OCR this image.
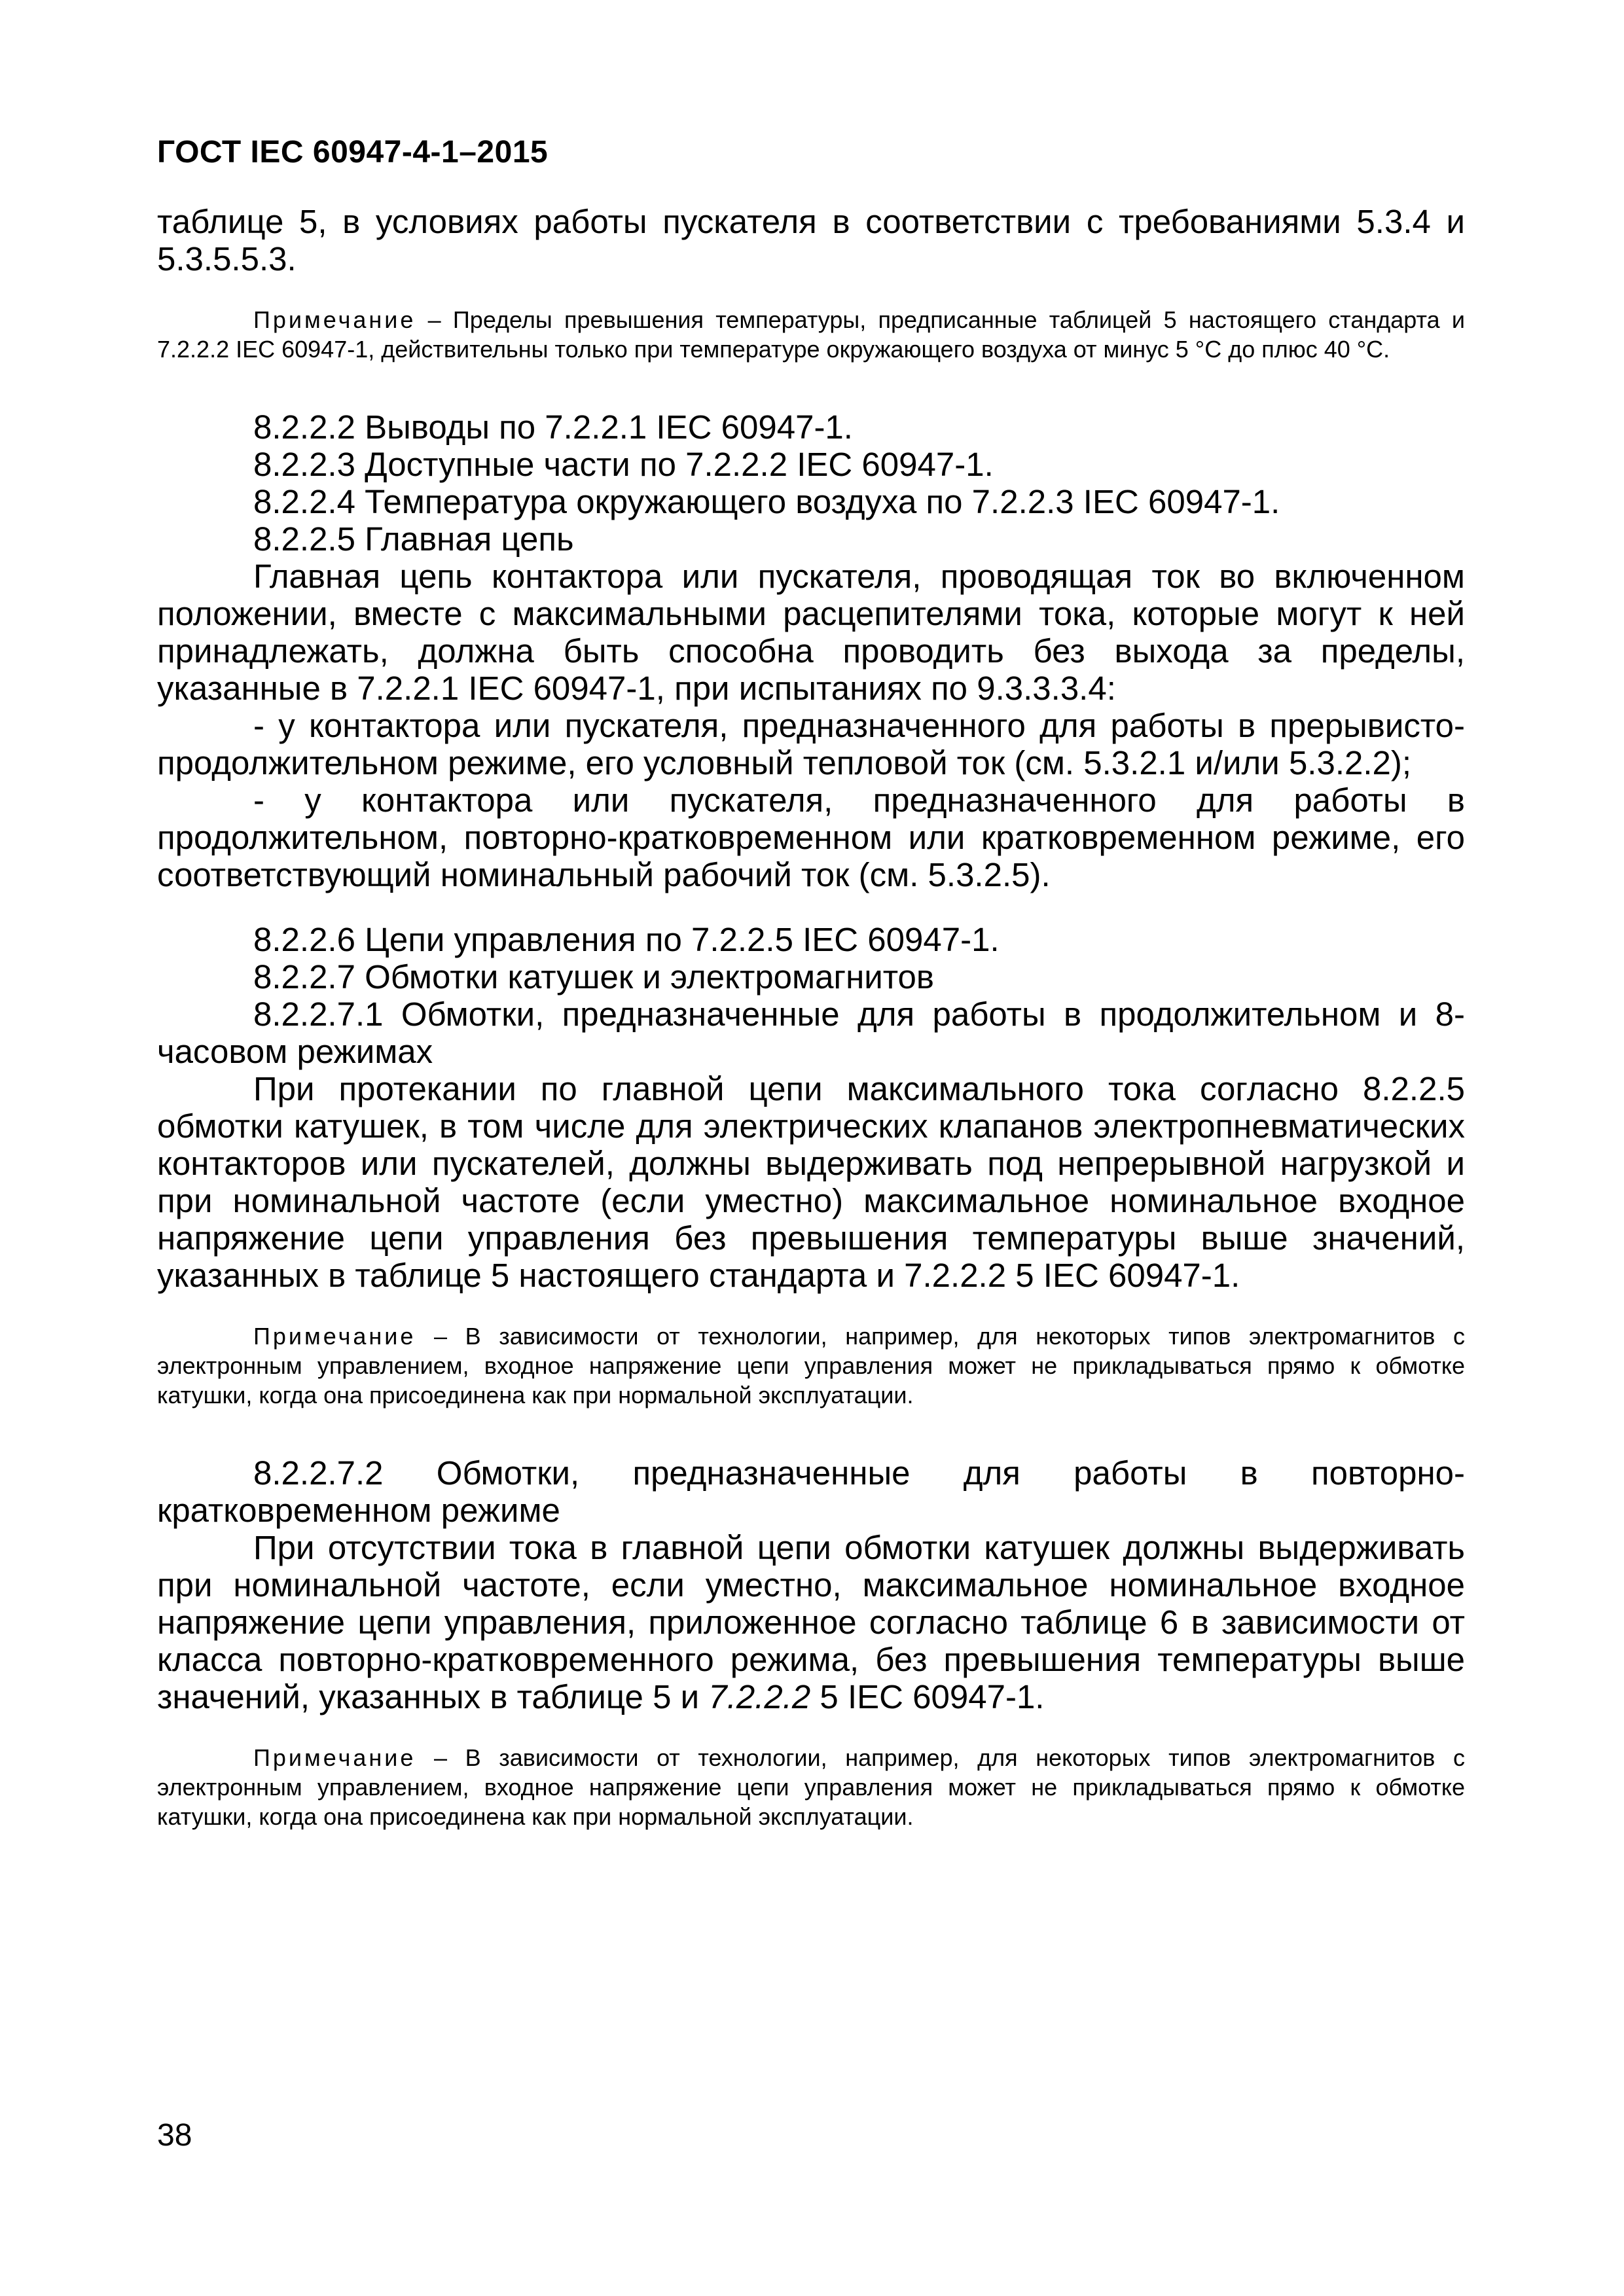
ГОСТ IEC 60947-4-1–2015

таблице 5, в условиях работы пускателя в соответствии с требованиями 5.3.4 и 5.3.5.5.3.

Примечание – Пределы превышения температуры, предписанные таблицей 5 настоящего стандарта и 7.2.2.2 IEC 60947-1, действительны только при температуре окружающего воздуха от минус 5 °С до плюс 40 °С.

8.2.2.2 Выводы по 7.2.2.1 IEC 60947-1.

8.2.2.3 Доступные части по 7.2.2.2 IEC 60947-1.

8.2.2.4 Температура окружающего воздуха по 7.2.2.3 IEC 60947-1.

8.2.2.5 Главная цепь

Главная цепь контактора или пускателя, проводящая ток во включенном положении, вместе с максимальными расцепителями тока, которые могут к ней принадлежать, должна быть способна проводить без выхода за пределы, указанные в 7.2.2.1 IEC 60947-1, при испытаниях по 9.3.3.3.4:

- у контактора или пускателя, предназначенного для работы в прерывисто-продолжительном режиме, его условный тепловой ток (см. 5.3.2.1 и/или 5.3.2.2);

- у контактора или пускателя, предназначенного для работы в продолжительном, повторно-кратковременном или кратковременном режиме, его соответствующий номинальный рабочий ток (см. 5.3.2.5).

8.2.2.6 Цепи управления по 7.2.2.5 IEC 60947-1.

8.2.2.7 Обмотки катушек и электромагнитов

8.2.2.7.1 Обмотки, предназначенные для работы в продолжительном и 8-часовом режимах

При протекании по главной цепи максимального тока согласно 8.2.2.5 обмотки катушек, в том числе для электрических клапанов электропневматических контакторов или пускателей, должны выдерживать под непрерывной нагрузкой и при номинальной частоте (если уместно) максимальное номинальное входное напряжение цепи управления без превышения температуры выше значений, указанных в таблице 5 настоящего стандарта и 7.2.2.2 5 IEC 60947-1.

Примечание – В зависимости от технологии, например, для некоторых типов электромагнитов с электронным управлением, входное напряжение цепи управления может не прикладываться прямо к обмотке катушки, когда она присоединена как при нормальной эксплуатации.

8.2.2.7.2 Обмотки, предназначенные для работы в повторно-кратковременном режиме

При отсутствии тока в главной цепи обмотки катушек должны выдерживать при номинальной частоте, если уместно, максимальное номинальное входное напряжение цепи управления, приложенное согласно таблице 6 в зависимости от класса повторно-кратковременного режима, без превышения температуры выше значений, указанных в таблице 5 и 7.2.2.2 5 IEC 60947-1.

Примечание – В зависимости от технологии, например, для некоторых типов электромагнитов с электронным управлением, входное напряжение цепи управления может не прикладываться прямо к обмотке катушки, когда она присоединена как при нормальной эксплуатации.

38
